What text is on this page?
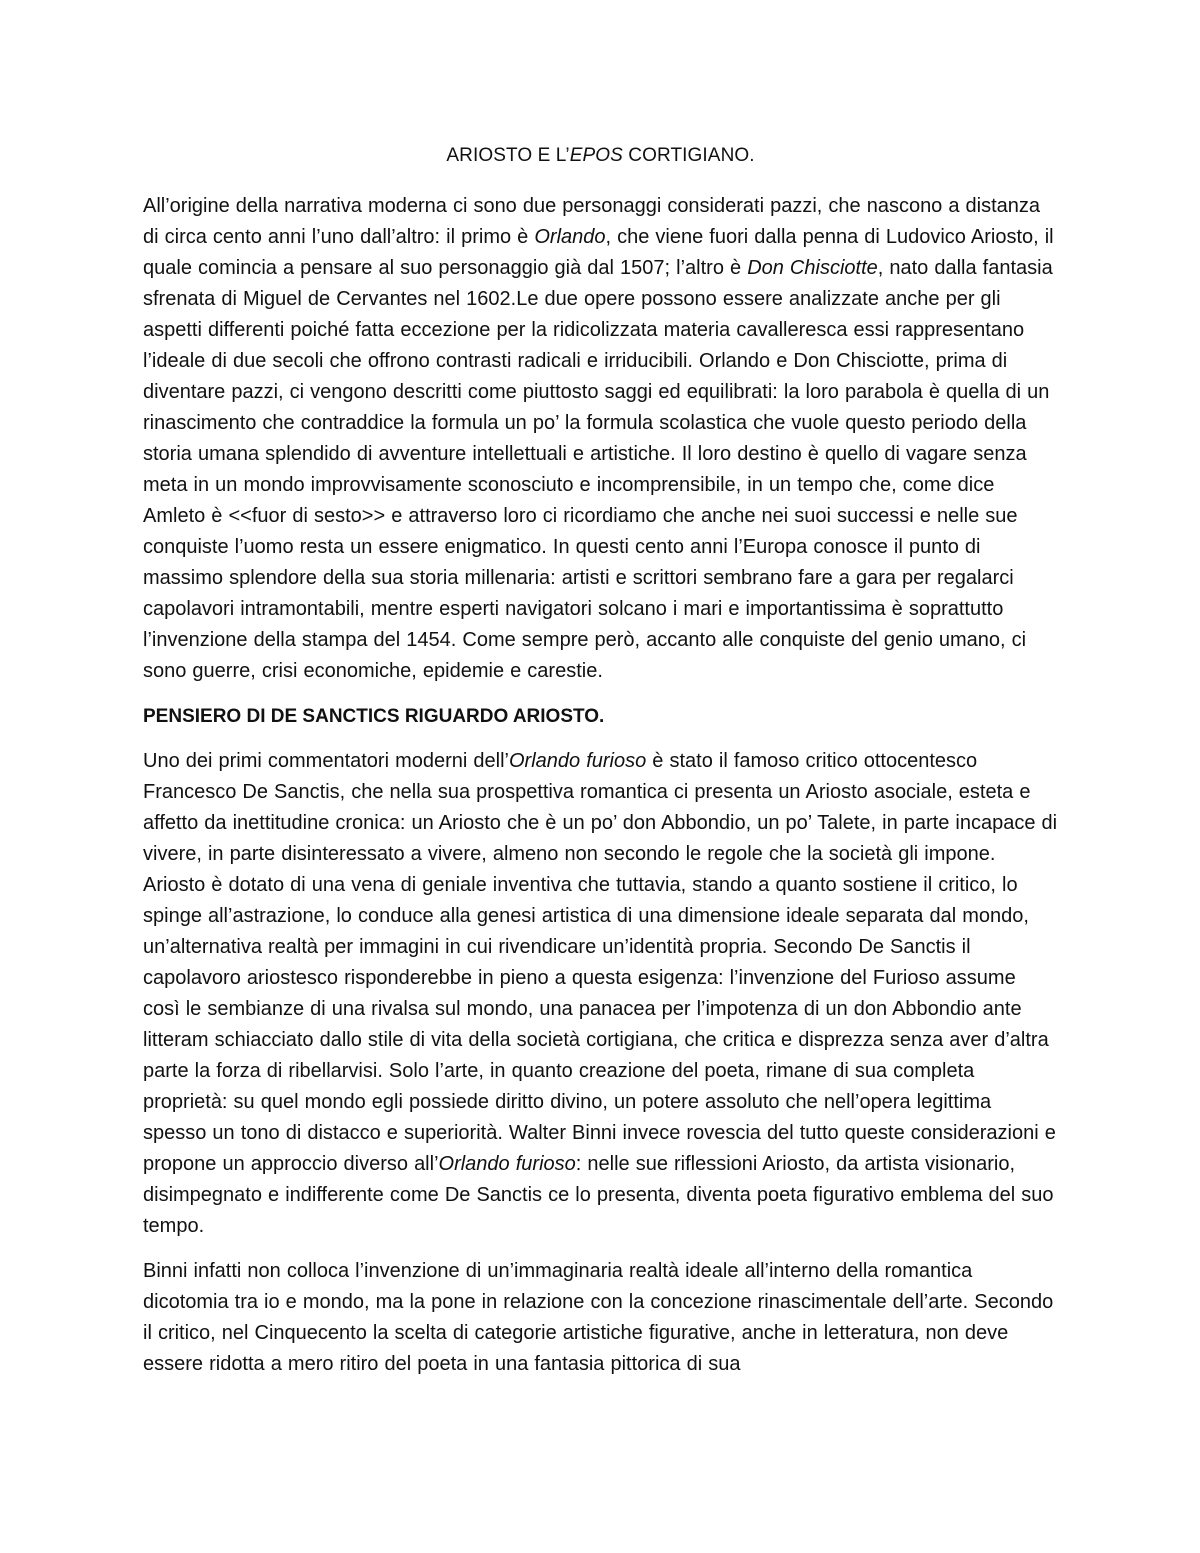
ARIOSTO E L’EPOS CORTIGIANO.

All’origine della narrativa moderna ci sono due personaggi considerati pazzi, che nascono a distanza di circa cento anni l’uno dall’altro: il primo è Orlando, che viene fuori dalla penna di Ludovico Ariosto, il quale comincia a pensare al suo personaggio già dal 1507; l’altro è Don Chisciotte, nato dalla fantasia sfrenata di Miguel de Cervantes nel 1602.Le due opere possono essere analizzate anche per gli aspetti differenti poiché fatta eccezione per la ridicolizzata materia cavalleresca essi rappresentano l’ideale di due secoli che offrono contrasti radicali e irriducibili. Orlando e Don Chisciotte, prima di diventare pazzi, ci vengono descritti come piuttosto saggi ed equilibrati: la loro parabola è quella di un rinascimento che contraddice la formula un po’ la formula scolastica che vuole questo periodo della storia umana splendido di avventure intellettuali e artistiche. Il loro destino è quello di vagare senza meta in un mondo improvvisamente sconosciuto e incomprensibile, in un tempo che, come dice Amleto è <<fuor di sesto>> e attraverso loro ci ricordiamo che anche nei suoi successi e nelle sue conquiste l’uomo resta un essere enigmatico. In questi cento anni l’Europa conosce il punto di massimo splendore della sua storia millenaria: artisti e scrittori sembrano fare a gara per regalarci capolavori intramontabili, mentre esperti navigatori solcano i mari e importantissima è soprattutto l’invenzione della stampa del 1454. Come sempre però, accanto alle conquiste del genio umano, ci sono guerre, crisi economiche, epidemie e carestie.

PENSIERO DI DE SANCTICS RIGUARDO ARIOSTO.

Uno dei primi commentatori moderni dell’Orlando furioso è stato il famoso critico ottocentesco Francesco De Sanctis, che nella sua prospettiva romantica ci presenta un Ariosto asociale, esteta e affetto da inettitudine cronica: un Ariosto che è un po’ don Abbondio, un po’ Talete, in parte incapace di vivere, in parte disinteressato a vivere, almeno non secondo le regole che la società gli impone. Ariosto è dotato di una vena di geniale inventiva che tuttavia, stando a quanto sostiene il critico, lo spinge all’astrazione, lo conduce alla genesi artistica di una dimensione ideale separata dal mondo, un’alternativa realtà per immagini in cui rivendicare un’identità propria. Secondo De Sanctis il capolavoro ariostesco risponderebbe in pieno a questa esigenza: l’invenzione del Furioso assume così le sembianze di una rivalsa sul mondo, una panacea per l’impotenza di un don Abbondio ante litteram schiacciato dallo stile di vita della società cortigiana, che critica e disprezza senza aver d’altra parte la forza di ribellarvisi. Solo l’arte, in quanto creazione del poeta, rimane di sua completa proprietà: su quel mondo egli possiede diritto divino, un potere assoluto che nell’opera legittima spesso un tono di distacco e superiorità. Walter Binni invece rovescia del tutto queste considerazioni e propone un approccio diverso all’Orlando furioso: nelle sue riflessioni Ariosto, da artista visionario, disimpegnato e indifferente come De Sanctis ce lo presenta, diventa poeta figurativo emblema del suo tempo.

Binni infatti non colloca l’invenzione di un’immaginaria realtà ideale all’interno della romantica dicotomia tra io e mondo, ma la pone in relazione con la concezione rinascimentale dell’arte. Secondo il critico, nel Cinquecento la scelta di categorie artistiche figurative, anche in letteratura, non deve essere ridotta a mero ritiro del poeta in una fantasia pittorica di sua
